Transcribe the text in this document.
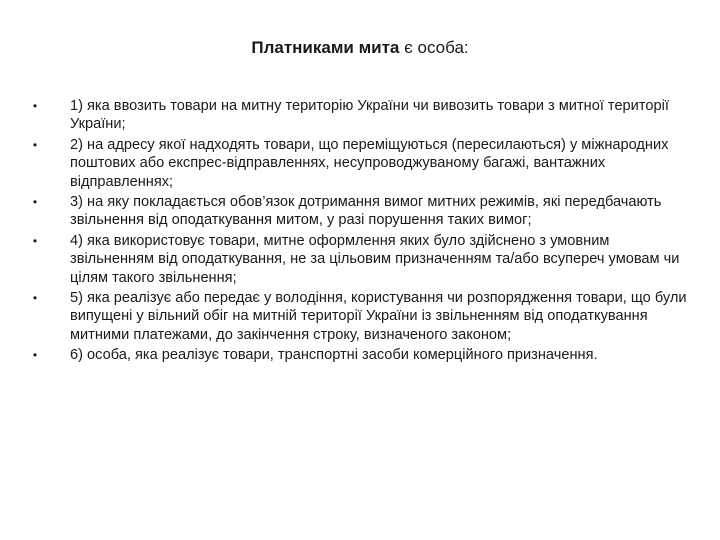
Платниками мита є особа:
• 1) яка ввозить товари на митну територію України чи вивозить товари з митної території України;
• 2) на адресу якої надходять товари, що переміщуються (пересилаються) у міжнародних поштових або експрес-відправленнях, несупроводжуваному багажі, вантажних відправленнях;
• 3) на яку покладається обов’язок дотримання вимог митних режимів, які передбачають звільнення від оподаткування митом, у разі порушення таких вимог;
• 4) яка використовує товари, митне оформлення яких було здійснено з умовним звільненням від оподаткування, не за цільовим призначенням та/або всупереч умовам чи цілям такого звільнення;
• 5) яка реалізує або передає у володіння, користування чи розпорядження товари, що були випущені у вільний обіг на митній території України із звільненням від оподаткування митними платежами, до закінчення строку, визначеного законом;
• 6) особа, яка реалізує товари, транспортні засоби комерційного призначення.
